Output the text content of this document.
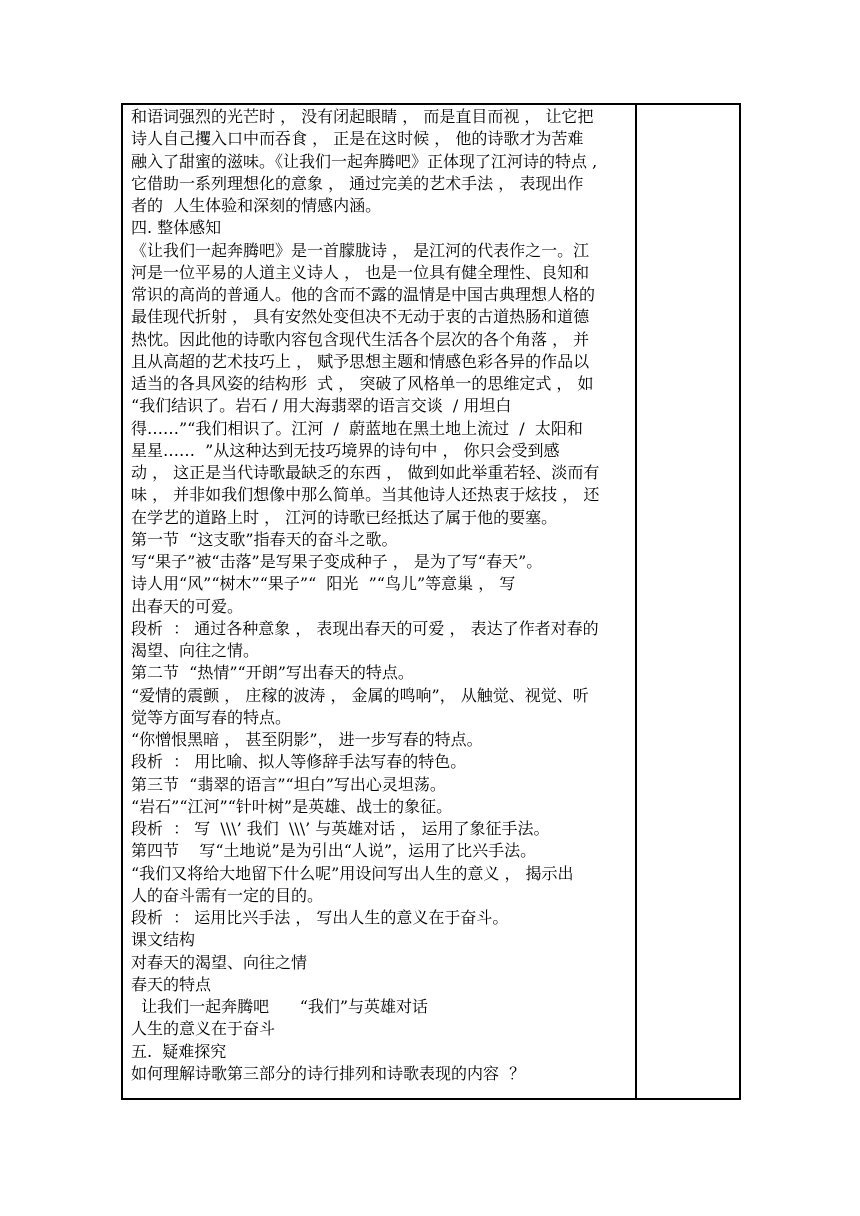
和语词强烈的光芒时 ， 没有闭起眼睛 ， 而是直目而视 ， 让它把
诗人自己攫入口中而吞食 ， 正是在这时候 ， 他的诗歌才为苦难
融入了甜蜜的滋味。《让我们一起奔腾吧》正体现了江河诗的特点 ,
它借助一系列理想化的意象 ， 通过完美的艺术手法 ， 表现出作
者的  人生体验和深刻的情感内涵。
四. 整体感知
《让我们一起奔腾吧》是一首朦胧诗 ， 是江河的代表作之一。江
河是一位平易的人道主义诗人 ， 也是一位具有健全理性、良知和
常识的高尚的普通人。他的含而不露的温情是中国古典理想人格的
最佳现代折射 ， 具有安然处变但决不无动于衷的古道热肠和道德
热忱。因此他的诗歌内容包含现代生活各个层次的各个角落 ， 并
且从高超的艺术技巧上 ， 赋予思想主题和情感色彩各异的作品以
适当的各具风姿的结构形  式 ， 突破了风格单一的思维定式 ， 如
“我们结识了。岩石 / 用大海翡翠的语言交谈  / 用坦白
得……”“我们相识了。江河  /  蔚蓝地在黑土地上流过  /  太阳和
星星……  ”从这种达到无技巧境界的诗句中 ， 你只会受到感
动 ， 这正是当代诗歌最缺乏的东西 ， 做到如此举重若轻、淡而有
味 ， 并非如我们想像中那么简单。当其他诗人还热衷于炫技 ， 还
在学艺的道路上时 ， 江河的诗歌已经抵达了属于他的要塞。
第一节  “这支歌”指春天的奋斗之歌。
写“果子”被“击落”是写果子变成种子 ， 是为了写“春天”。
诗人用“风”“树木”“果子”“  阳光  ”“鸟儿”等意巢 ， 写
出春天的可爱。
段析  ： 通过各种意象 ， 表现出春天的可爱 ， 表达了作者对春的
渴望、向往之情。
第二节  “热情”“开朗”写出春天的特点。
“爱情的震颤 ， 庄稼的波涛 ， 金属的鸣响”， 从触觉、视觉、听
觉等方面写春的特点。
“你憎恨黑暗 ， 甚至阴影”， 进一步写春的特点。
段析  ： 用比喻、拟人等修辞手法写春的特色。
第三节  “翡翠的语言”“坦白”写出心灵坦荡。
“岩石”“江河”“针叶树”是英雄、战士的象征。
段析  ： 写  \\\’ 我们  \\\’ 与英雄对话 ， 运用了象征手法。
第四节    写“土地说”是为引出“人说”，运用了比兴手法。
“我们又将给大地留下什么呢”用设问写出人生的意义 ， 揭示出
人的奋斗需有一定的目的。
段析  ： 运用比兴手法 ， 写出人生的意义在于奋斗。
课文结构
对春天的渴望、向往之情
春天的特点
让我们一起奔腾吧      “我们”与英雄对话
人生的意义在于奋斗
五.  疑难探究
如何理解诗歌第三部分的诗行排列和诗歌表现的内容  ？
